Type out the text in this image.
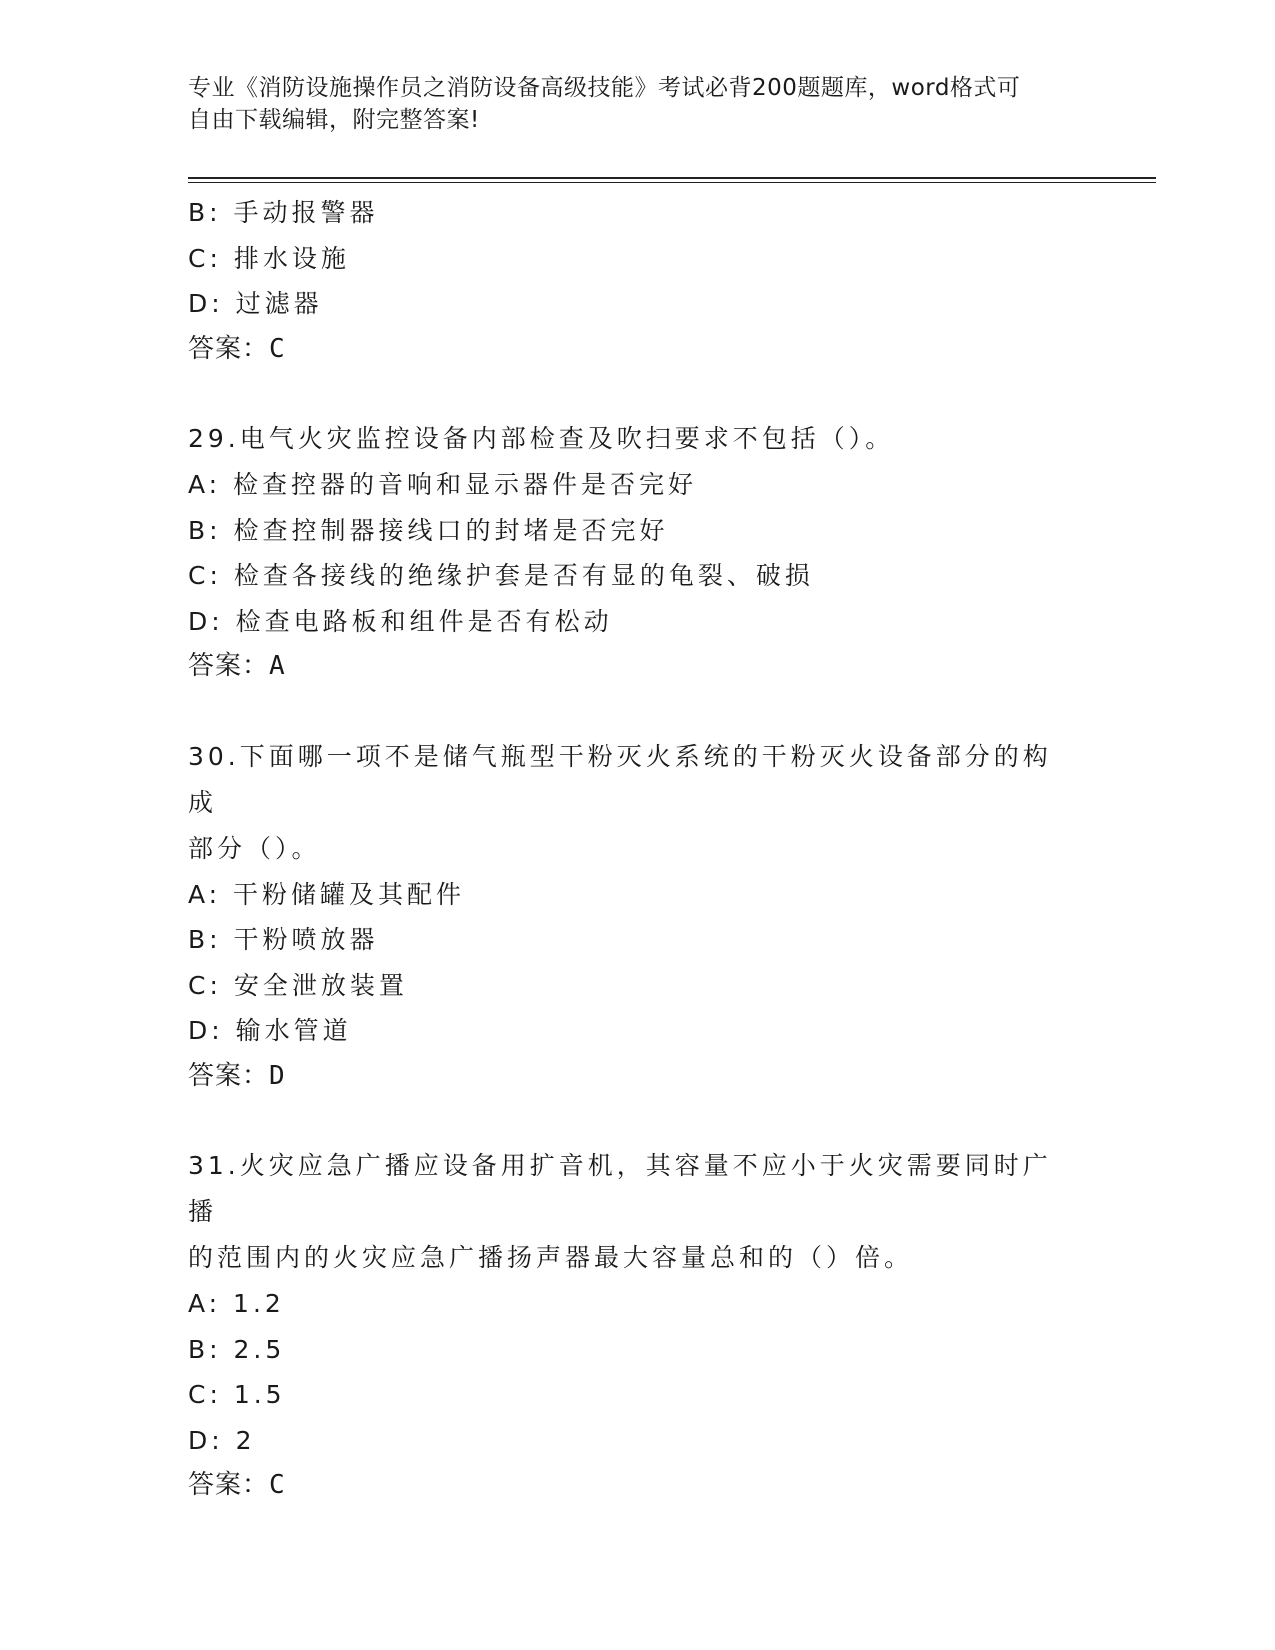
专业《消防设施操作员之消防设备高级技能》考试必背200题题库，word格式可
自由下载编辑，附完整答案!

B: 手动报警器

C: 排水设施

D: 过滤器

答案：C

29.电气火灾监控设备内部检查及吹扫要求不包括（）。

A: 检查控器的音响和显示器件是否完好

B: 检查控制器接线口的封堵是否完好

C: 检查各接线的绝缘护套是否有显的龟裂、破损

D: 检查电路板和组件是否有松动

答案：A

30.下面哪一项不是储气瓶型干粉灭火系统的干粉灭火设备部分的构成

部分（）。

A: 干粉储罐及其配件

B: 干粉喷放器

C: 安全泄放装置

D: 输水管道

答案：D

31.火灾应急广播应设备用扩音机，其容量不应小于火灾需要同时广播

的范围内的火灾应急广播扬声器最大容量总和的（）倍。

A: 1.2

B: 2.5

C: 1.5

D: 2

答案：C
